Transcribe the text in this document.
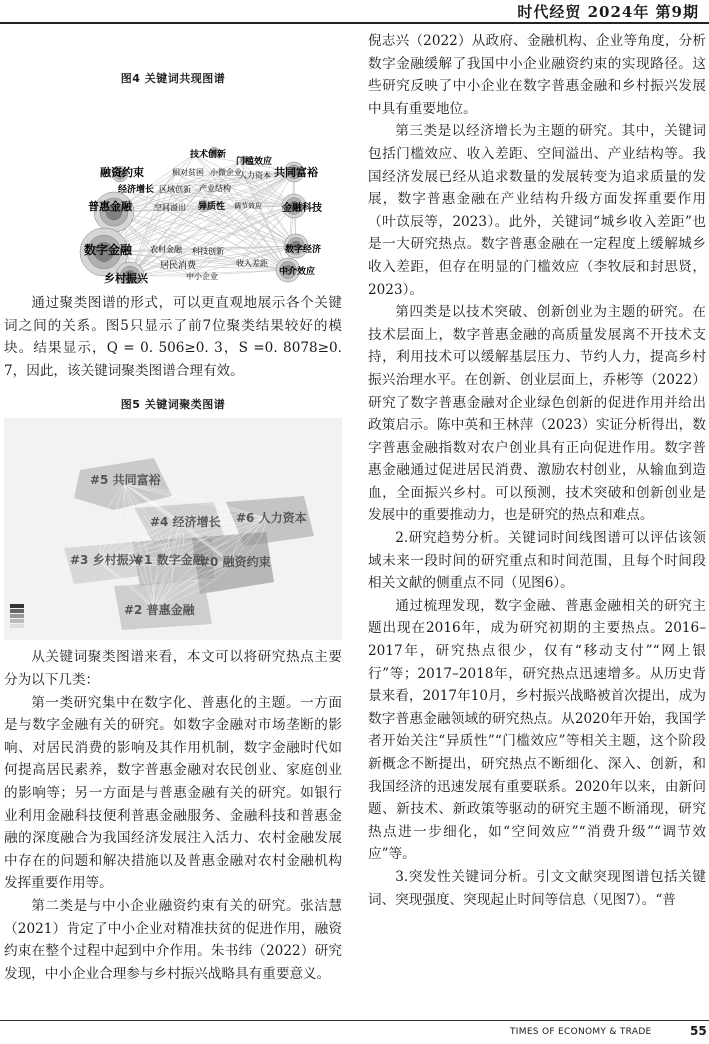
时代经贸 2024年 第9期
图4 关键词共现图谱
技术创新
门槛效应
融资约束	相对贫困 小微企业
人力资本 共同富裕
经济增长 区域创新 产业结构
普惠金融	空间溢出 异质性 调节效应 金融科技
数字金融 农村金融 科技创新	数字经济
居民消费	收入差距
乡村振兴	中小企业	中介效应

通过聚类图谱的形式，可以更直观地展示各个关键词之间的关系。图5只显示了前7位聚类结果较好的模块。结果显示，Q = 0. 506≥0. 3，S =0. 8078≥0. 7，因此，该关键词聚类图谱合理有效。

图5 关键词聚类图谱
#5 共同富裕
#4 经济增长 #6 人力资本
#3 乡村振兴
#1 数字金融
#0 融资约束
#2 普惠金融

从关键词聚类图谱来看，本文可以将研究热点主要分为以下几类：

第一类研究集中在数字化、普惠化的主题。一方面是与数字金融有关的研究。如数字金融对市场垄断的影响、对居民消费的影响及其作用机制，数字金融时代如何提高居民素养，数字普惠金融对农民创业、家庭创业的影响等；另一方面是与普惠金融有关的研究。如银行业利用金融科技便利普惠金融服务、金融科技和普惠金融的深度融合为我国经济发展注入活力、农村金融发展中存在的问题和解决措施以及普惠金融对农村金融机构发挥重要作用等。

第二类是与中小企业融资约束有关的研究。张洁慧（2021）肯定了中小企业对精准扶贫的促进作用，融资约束在整个过程中起到中介作用。朱书纬（2022）研究发现，中小企业合理参与乡村振兴战略具有重要意义。

倪志兴（2022）从政府、金融机构、企业等角度，分析数字金融缓解了我国中小企业融资约束的实现路径。这些研究反映了中小企业在数字普惠金融和乡村振兴发展中具有重要地位。

第三类是以经济增长为主题的研究。其中，关键词包括门槛效应、收入差距、空间溢出、产业结构等。我国经济发展已经从追求数量的发展转变为追求质量的发展，数字普惠金融在产业结构升级方面发挥重要作用（叶苡辰等，2023）。此外，关键词“城乡收入差距”也是一大研究热点。数字普惠金融在一定程度上缓解城乡收入差距，但存在明显的门槛效应（李牧辰和封思贤，2023）。

第四类是以技术突破、创新创业为主题的研究。在技术层面上，数字普惠金融的高质量发展离不开技术支持，利用技术可以缓解基层压力、节约人力，提高乡村振兴治理水平。在创新、创业层面上，乔彬等（2022）研究了数字普惠金融对企业绿色创新的促进作用并给出政策启示。陈中英和王林萍（2023）实证分析得出，数字普惠金融指数对农户创业具有正向促进作用。数字普惠金融通过促进居民消费、激励农村创业，从输血到造血，全面振兴乡村。可以预测，技术突破和创新创业是发展中的重要推动力，也是研究的热点和难点。

2.研究趋势分析。关键词时间线图谱可以评估该领域未来一段时间的研究重点和时间范围，且每个时间段相关文献的侧重点不同（见图6）。

通过梳理发现，数字金融、普惠金融相关的研究主题出现在2016年，成为研究初期的主要热点。2016–2017年，研究热点很少，仅有“移动支付”“网上银行”等；2017–2018年，研究热点迅速增多。从历史背景来看，2017年10月，乡村振兴战略被首次提出，成为数字普惠金融领域的研究热点。从2020年开始，我国学者开始关注“异质性”“门槛效应”等相关主题，这个阶段新概念不断提出，研究热点不断细化、深入、创新，和我国经济的迅速发展有重要联系。2020年以来，由新问题、新技术、新政策等驱动的研究主题不断涌现，研究热点进一步细化，如“空间效应”“消费升级”“调节效应”等。

3.突发性关键词分析。引文文献突现图谱包括关键词、突现强度、突现起止时间等信息（见图7）。“普

TIMES OF ECONOMY & TRADE	55
